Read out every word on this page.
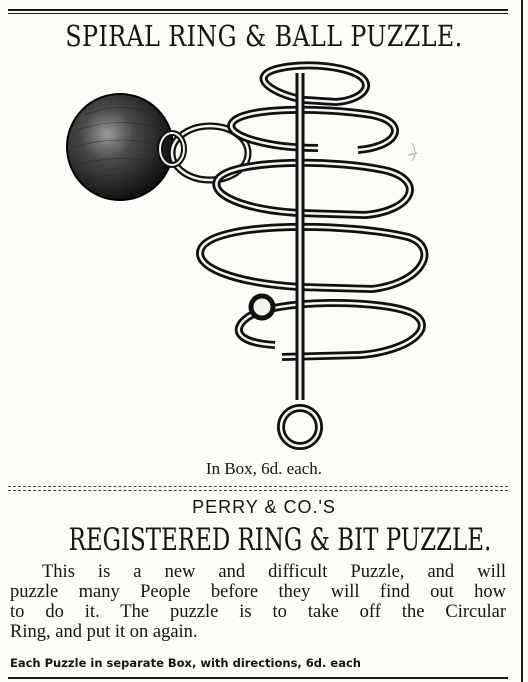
SPIRAL RING & BALL PUZZLE.
In Box, 6d. each.
PERRY & CO.'S
REGISTERED RING & BIT PUZZLE.
This is a new and difficult Puzzle, and will
puzzle many People before they will find out how
to do it. The puzzle is to take off the Circular
Ring, and put it on again.
Each Puzzle in separate Box, with directions, 6d. each
